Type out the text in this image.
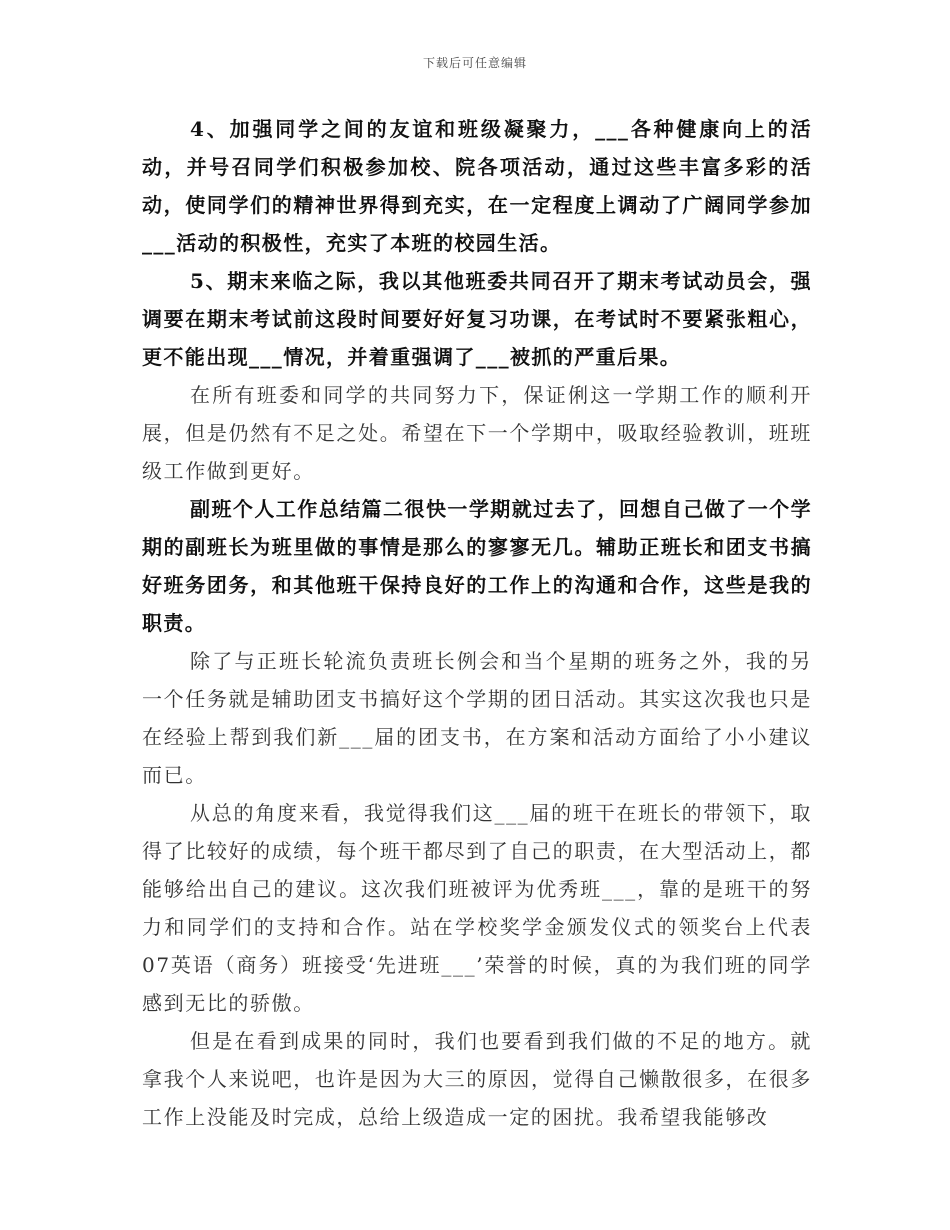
下载后可任意编辑

4、加强同学之间的友谊和班级凝聚力，___各种健康向上的活动，并号召同学们积极参加校、院各项活动，通过这些丰富多彩的活动，使同学们的精神世界得到充实，在一定程度上调动了广阔同学参加___活动的积极性，充实了本班的校园生活。

5、期末来临之际，我以其他班委共同召开了期末考试动员会，强调要在期末考试前这段时间要好好复习功课，在考试时不要紧张粗心，更不能出现___情况，并着重强调了___被抓的严重后果。

在所有班委和同学的共同努力下，保证俐这一学期工作的顺利开展，但是仍然有不足之处。希望在下一个学期中，吸取经验教训，班班级工作做到更好。

副班个人工作总结篇二很快一学期就过去了，回想自己做了一个学期的副班长为班里做的事情是那么的寥寥无几。辅助正班长和团支书搞好班务团务，和其他班干保持良好的工作上的沟通和合作，这些是我的职责。

除了与正班长轮流负责班长例会和当个星期的班务之外，我的另一个任务就是辅助团支书搞好这个学期的团日活动。其实这次我也只是在经验上帮到我们新___届的团支书，在方案和活动方面给了小小建议而已。

从总的角度来看，我觉得我们这___届的班干在班长的带领下，取得了比较好的成绩，每个班干都尽到了自己的职责，在大型活动上，都能够给出自己的建议。这次我们班被评为优秀班___，靠的是班干的努力和同学们的支持和合作。站在学校奖学金颁发仪式的领奖台上代表07英语（商务）班接受‘先进班___’荣誉的时候，真的为我们班的同学感到无比的骄傲。

但是在看到成果的同时，我们也要看到我们做的不足的地方。就拿我个人来说吧，也许是因为大三的原因，觉得自己懒散很多，在很多工作上没能及时完成，总给上级造成一定的困扰。我希望我能够改
